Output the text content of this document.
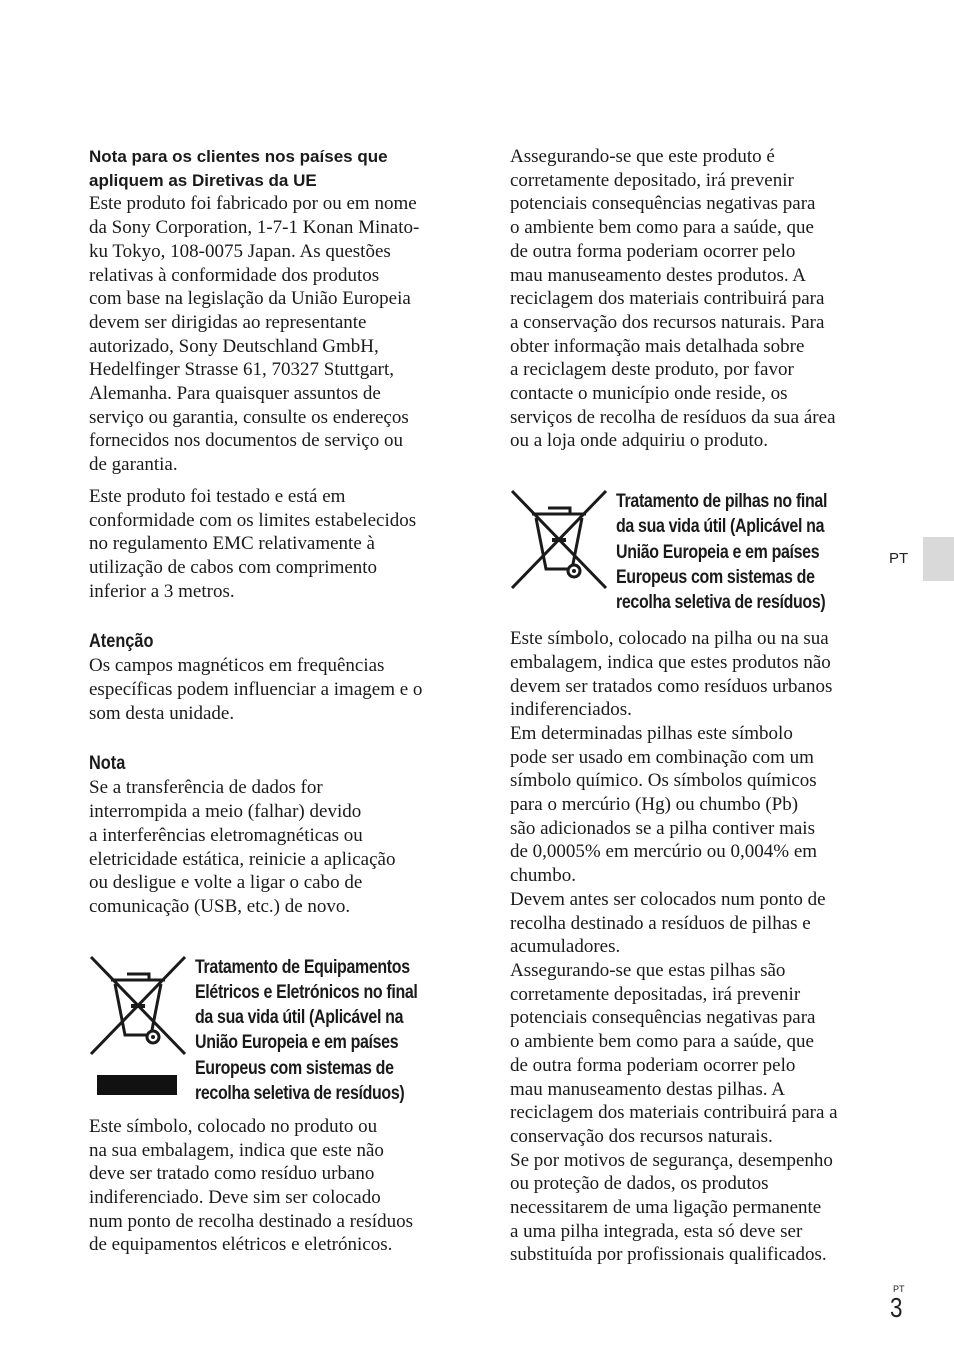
Nota para os clientes nos países que
apliquem as Diretivas da UE

Este produto foi fabricado por ou em nome
da Sony Corporation, 1-7-1 Konan Minato-
ku Tokyo, 108-0075 Japan. As questões
relativas à conformidade dos produtos
com base na legislação da União Europeia
devem ser dirigidas ao representante
autorizado, Sony Deutschland GmbH,
Hedelfinger Strasse 61, 70327 Stuttgart,
Alemanha. Para quaisquer assuntos de
serviço ou garantia, consulte os endereços
fornecidos nos documentos de serviço ou
de garantia.

Este produto foi testado e está em
conformidade com os limites estabelecidos
no regulamento EMC relativamente à
utilização de cabos com comprimento
inferior a 3 metros.

Atenção

Os campos magnéticos em frequências
específicas podem influenciar a imagem e o
som desta unidade.

Nota

Se a transferência de dados for
interrompida a meio (falhar) devido
a interferências eletromagnéticas ou
eletricidade estática, reinicie a aplicação
ou desligue e volte a ligar o cabo de
comunicação (USB, etc.) de novo.

Tratamento de Equipamentos
Elétricos e Eletrónicos no final
da sua vida útil (Aplicável na
União Europeia e em países
Europeus com sistemas de
recolha seletiva de resíduos)

Este símbolo, colocado no produto ou
na sua embalagem, indica que este não
deve ser tratado como resíduo urbano
indiferenciado. Deve sim ser colocado
num ponto de recolha destinado a resíduos
de equipamentos elétricos e eletrónicos.

Assegurando-se que este produto é
corretamente depositado, irá prevenir
potenciais consequências negativas para
o ambiente bem como para a saúde, que
de outra forma poderiam ocorrer pelo
mau manuseamento destes produtos. A
reciclagem dos materiais contribuirá para
a conservação dos recursos naturais. Para
obter informação mais detalhada sobre
a reciclagem deste produto, por favor
contacte o município onde reside, os
serviços de recolha de resíduos da sua área
ou a loja onde adquiriu o produto.

Tratamento de pilhas no final
da sua vida útil (Aplicável na
União Europeia e em países
Europeus com sistemas de
recolha seletiva de resíduos)

Este símbolo, colocado na pilha ou na sua
embalagem, indica que estes produtos não
devem ser tratados como resíduos urbanos
indiferenciados.
Em determinadas pilhas este símbolo
pode ser usado em combinação com um
símbolo químico. Os símbolos químicos
para o mercúrio (Hg) ou chumbo (Pb)
são adicionados se a pilha contiver mais
de 0,0005% em mercúrio ou 0,004% em
chumbo.
Devem antes ser colocados num ponto de
recolha destinado a resíduos de pilhas e
acumuladores.
Assegurando-se que estas pilhas são
corretamente depositadas, irá prevenir
potenciais consequências negativas para
o ambiente bem como para a saúde, que
de outra forma poderiam ocorrer pelo
mau manuseamento destas pilhas. A
reciclagem dos materiais contribuirá para a
conservação dos recursos naturais.
Se por motivos de segurança, desempenho
ou proteção de dados, os produtos
necessitarem de uma ligação permanente
a uma pilha integrada, esta só deve ser
substituída por profissionais qualificados.

PT
PT
3
